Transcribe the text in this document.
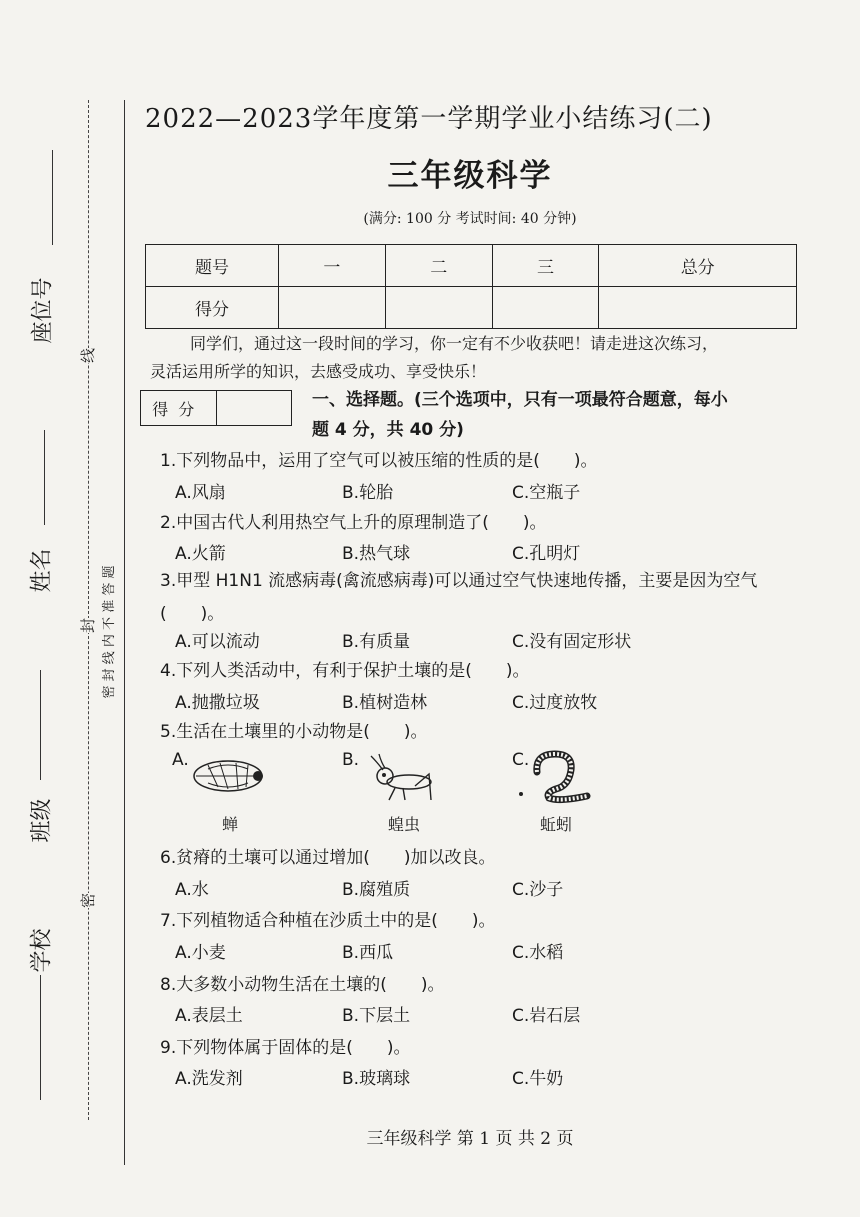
座位号
姓名
班级
学校
线
封
密
密 封 线 内 不 准 答 题
2022—2023学年度第一学期学业小结练习(二)
三年级科学
(满分: 100 分 考试时间: 40 分钟)
题号	一	二	三	总分
得分				
同学们，通过这一段时间的学习，你一定有不少收获吧！请走进这次练习，
灵活运用所学的知识，去感受成功、享受快乐！
得分	一、选择题。(三个选项中，只有一项最符合题意，每小
题 4 分，共 40 分)
1.下列物品中，运用了空气可以被压缩的性质的是(　　)。
A.风扇	B.轮胎	C.空瓶子
2.中国古代人利用热空气上升的原理制造了(　　)。
A.火箭	B.热气球	C.孔明灯
3.甲型 H1N1 流感病毒(禽流感病毒)可以通过空气快速地传播，主要是因为空气(　　)。
A.可以流动	B.有质量	C.没有固定形状
4.下列人类活动中，有利于保护土壤的是(　　)。
A.抛撒垃圾	B.植树造林	C.过度放牧
5.生活在土壤里的小动物是(　　)。
A.	B.	C.
蝉	蝗虫	蚯蚓
6.贫瘠的土壤可以通过增加(　　)加以改良。
A.水	B.腐殖质	C.沙子
7.下列植物适合种植在沙质土中的是(　　)。
A.小麦	B.西瓜	C.水稻
8.大多数小动物生活在土壤的(　　)。
A.表层土	B.下层土	C.岩石层
9.下列物体属于固体的是(　　)。
A.洗发剂	B.玻璃球	C.牛奶
三年级科学 第 1 页 共 2 页
